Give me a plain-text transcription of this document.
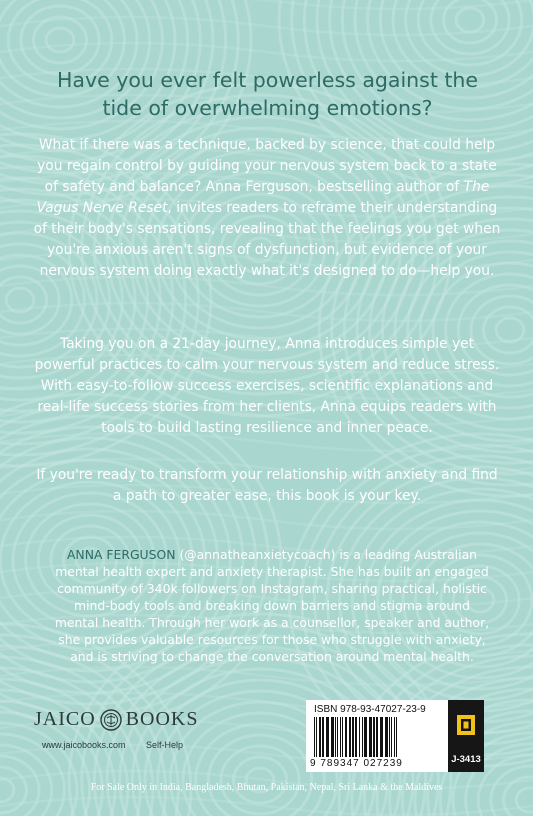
Have you ever felt powerless against the tide of overwhelming emotions?

What if there was a technique, backed by science, that could help you regain control by guiding your nervous system back to a state of safety and balance? Anna Ferguson, bestselling author of The Vagus Nerve Reset, invites readers to reframe their understanding of their body's sensations, revealing that the feelings you get when you're anxious aren't signs of dysfunction, but evidence of your nervous system doing exactly what it's designed to do—help you.

Taking you on a 21-day journey, Anna introduces simple yet powerful practices to calm your nervous system and reduce stress. With easy-to-follow success exercises, scientific explanations and real-life success stories from her clients, Anna equips readers with tools to build lasting resilience and inner peace.

If you're ready to transform your relationship with anxiety and find a path to greater ease, this book is your key.

ANNA FERGUSON (@annatheanxietycoach) is a leading Australian mental health expert and anxiety therapist. She has built an engaged community of 340k followers on Instagram, sharing practical, holistic mind-body tools and breaking down barriers and stigma around mental health. Through her work as a counsellor, speaker and author, she provides valuable resources for those who struggle with anxiety, and is striving to change the conversation around mental health.

JAICO BOOKS
www.jaicobooks.com Self-Help
ISBN 978-93-47027-23-9
9 789347 027239	J-3413
For Sale Only in India, Bangladesh, Bhutan, Pakistan, Nepal, Sri Lanka & the Maldives
